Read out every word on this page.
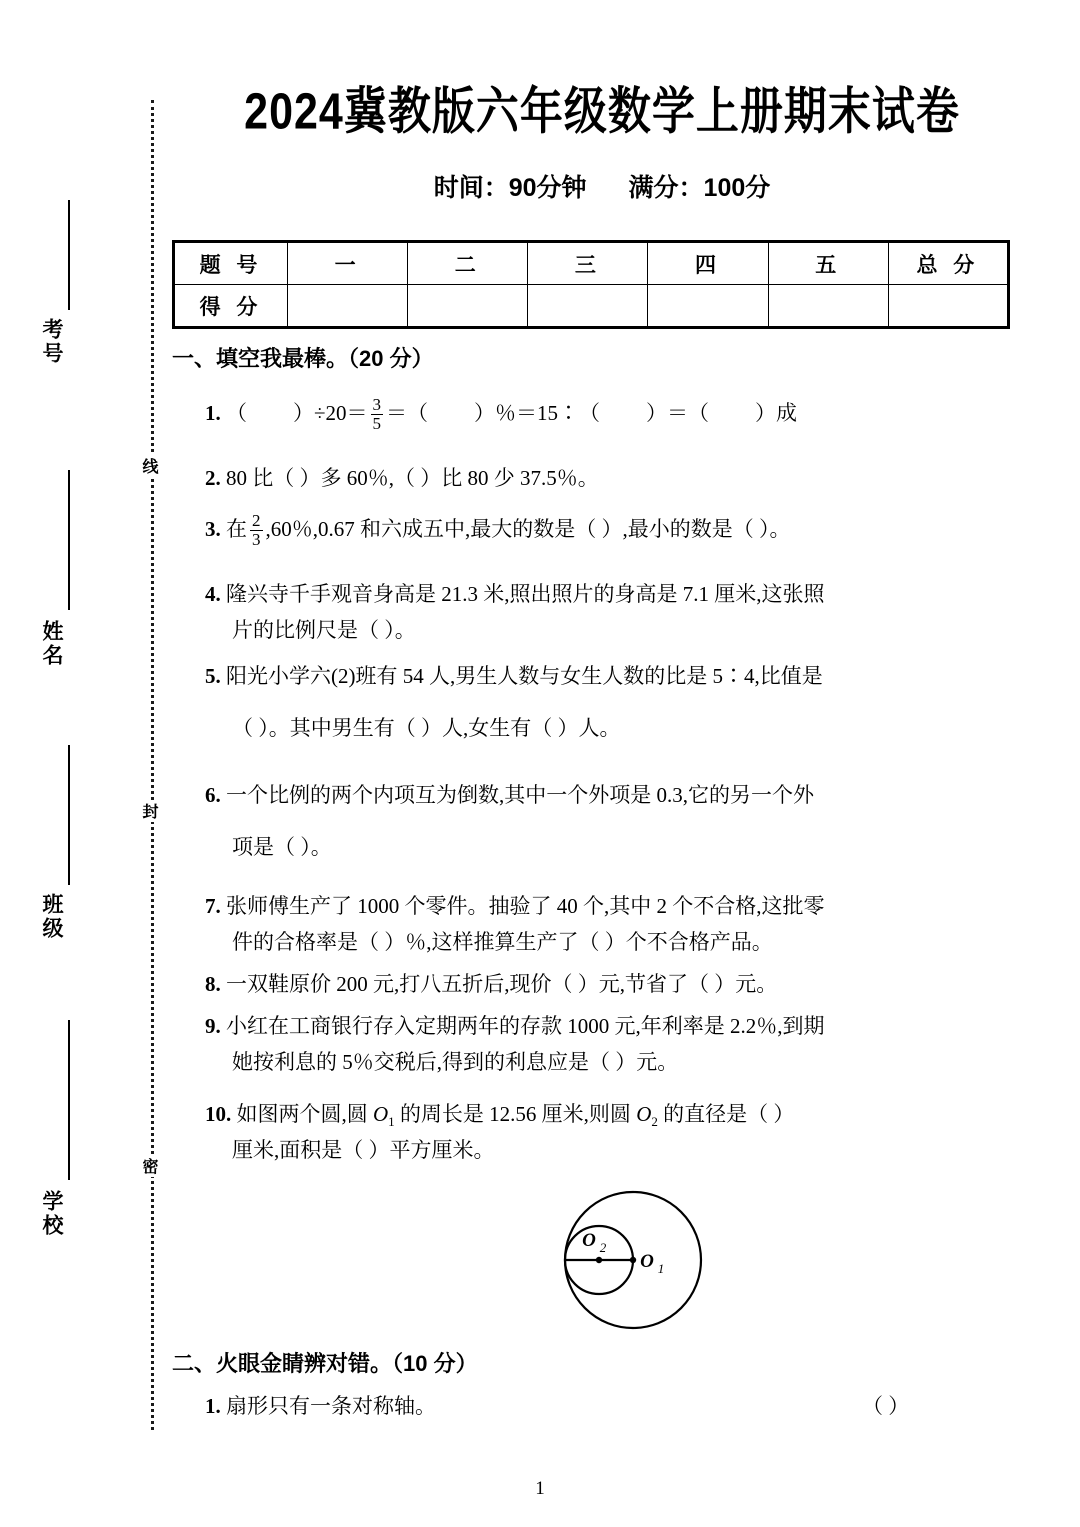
考号
姓名
班级
学校
线
封
密
2024冀教版六年级数学上册期末试卷
时间：90分钟 满分：100分
题 号	一	二	三	四	五	总 分
得 分						
一、填空我最棒。（20 分）
1. （ ）$\div 20= \frac{3}{5}$ ＝（ ）％＝15∶（ ）＝（ ）成
2. 80 比（ ）多 60％,（ ）比 80 少 37.5％。
3. 在 $\frac{2}{3} ,60$％,0.67 和六成五中,最大的数是（ ）,最小的数是（ ）。
4. 隆兴寺千手观音身高是 21.3 米,照出照片的身高是 7.1 厘米,这张照
片的比例尺是（ ）。
5. 阳光小学六(2)班有 54 人,男生人数与女生人数的比是 5∶4,比值是
（ ）。其中男生有（ ）人,女生有（ ）人。
6. 一个比例的两个内项互为倒数,其中一个外项是 0.3,它的另一个外
项是（ ）。
7. 张师傅生产了 1000 个零件。抽验了 40 个,其中 2 个不合格,这批零
件的合格率是（ ）％,这样推算生产了（ ）个不合格产品。
8. 一双鞋原价 200 元,打八五折后,现价（ ）元,节省了（ ）元。
9. 小红在工商银行存入定期两年的存款 1000 元,年利率是 2.2％,到期
她按利息的 5％交税后,得到的利息应是（ ）元。
10. 如图两个圆,圆 $O_1$ 的周长是 12.56 厘米,则圆 $O_2$ 的直径是（ ）
厘米,面积是（ ）平方厘米。
O 2
O 1
二、火眼金睛辨对错。（10 分）
1. 扇形只有一条对称轴。	（ ）
1
